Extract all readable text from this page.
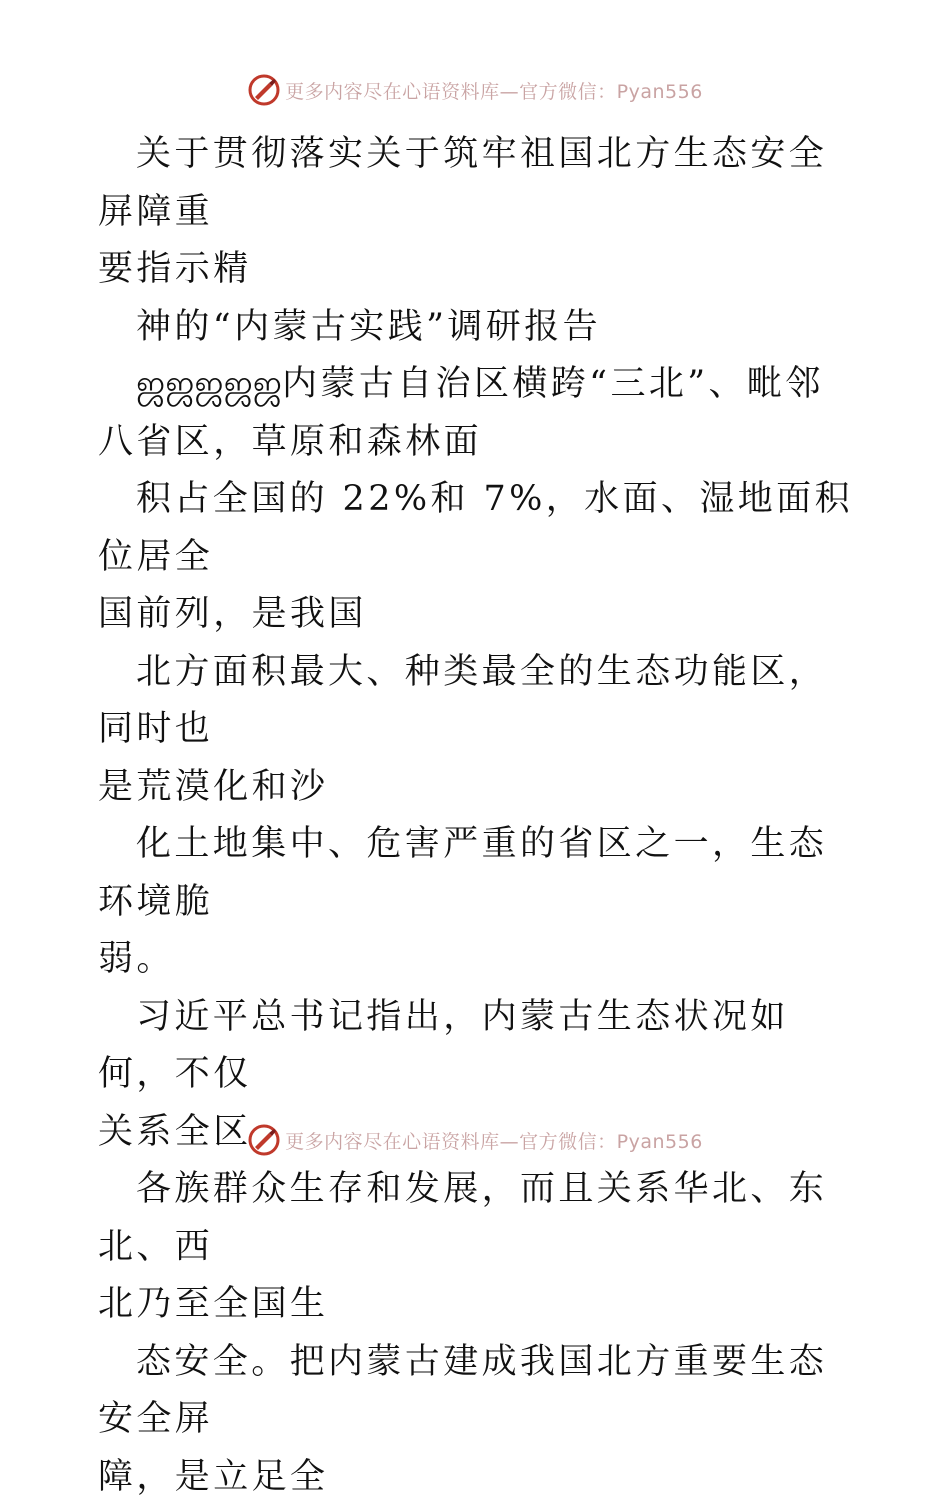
更多内容尽在心语资料库—官方微信：Pyan556

关于贯彻落实关于筑牢祖国北方生态安全屏障重

要指示精

神的“内蒙古实践”调研报告

ஜஜஜஜஜ内蒙古自治区横跨“三北”、毗邻

八省区，草原和森林面

积占全国的 22%和 7%，水面、湿地面积位居全

国前列，是我国

北方面积最大、种类最全的生态功能区，同时也

是荒漠化和沙

化土地集中、危害严重的省区之一，生态环境脆

弱。

习近平总书记指出，内蒙古生态状况如何，不仅

关系全区

各族群众生存和发展，而且关系华北、东北、西

北乃至全国生

态安全。把内蒙古建成我国北方重要生态安全屏

障，是立足全

更多内容尽在心语资料库—官方微信：Pyan556
